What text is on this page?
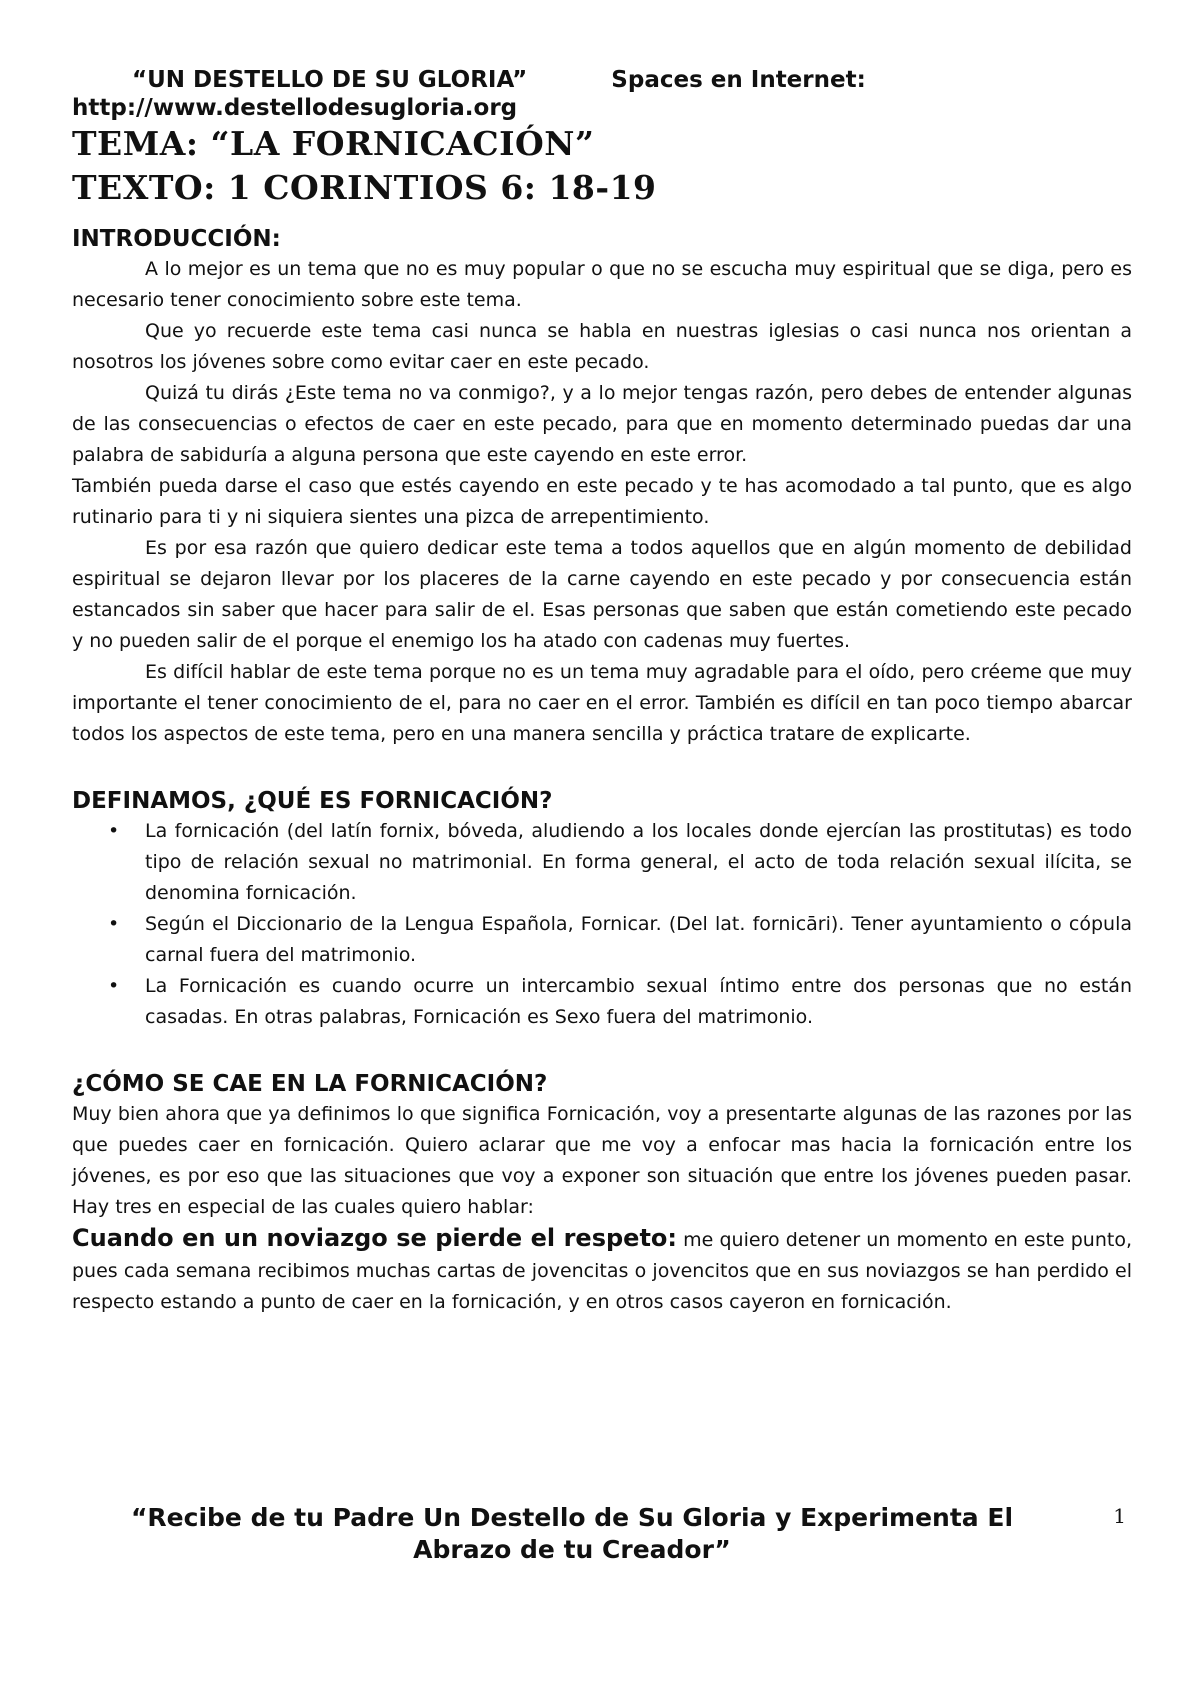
“UN DESTELLO DE SU GLORIA”	Spaces en Internet:
http://www.destellodesugloria.org
TEMA: “LA FORNICACIÓN”
TEXTO: 1 CORINTIOS 6: 18-19
INTRODUCCIÓN:

A lo mejor es un tema que no es muy popular o que no se escucha muy espiritual que se diga, pero es necesario tener conocimiento sobre este tema.

Que yo recuerde este tema casi nunca se habla en nuestras iglesias o casi nunca nos orientan a nosotros los jóvenes sobre como evitar caer en este pecado.

Quizá tu dirás ¿Este tema no va conmigo?, y a lo mejor tengas razón, pero debes de entender algunas de las consecuencias o efectos de caer en este pecado, para que en momento determinado puedas dar una palabra de sabiduría a alguna persona que este cayendo en este error.

También pueda darse el caso que estés cayendo en este pecado y te has acomodado a tal punto, que es algo rutinario para ti y ni siquiera sientes una pizca de arrepentimiento.

Es por esa razón que quiero dedicar este tema a todos aquellos que en algún momento de debilidad espiritual se dejaron llevar por los placeres de la carne cayendo en este pecado y por consecuencia están estancados sin saber que hacer para salir de el. Esas personas que saben que están cometiendo este pecado y no pueden salir de el porque el enemigo los ha atado con cadenas muy fuertes.

Es difícil hablar de este tema porque no es un tema muy agradable para el oído, pero créeme que muy importante el tener conocimiento de el, para no caer en el error. También es difícil en tan poco tiempo abarcar todos los aspectos de este tema, pero en una manera sencilla y práctica tratare de explicarte.

DEFINAMOS, ¿QUÉ ES FORNICACIÓN?
• La fornicación (del latín fornix, bóveda, aludiendo a los locales donde ejercían las prostitutas) es todo tipo de relación sexual no matrimonial. En forma general, el acto de toda relación sexual ilícita, se denomina fornicación.
• Según el Diccionario de la Lengua Española, Fornicar. (Del lat. fornicāri). Tener ayuntamiento o cópula carnal fuera del matrimonio.
• La Fornicación es cuando ocurre un intercambio sexual íntimo entre dos personas que no están casadas. En otras palabras, Fornicación es Sexo fuera del matrimonio.
¿CÓMO SE CAE EN LA FORNICACIÓN?

Muy bien ahora que ya definimos lo que significa Fornicación, voy a presentarte algunas de las razones por las que puedes caer en fornicación. Quiero aclarar que me voy a enfocar mas hacia la fornicación entre los jóvenes, es por eso que las situaciones que voy a exponer son situación que entre los jóvenes pueden pasar. Hay tres en especial de las cuales quiero hablar:

Cuando en un noviazgo se pierde el respeto: me quiero detener un momento en este punto, pues cada semana recibimos muchas cartas de jovencitas o jovencitos que en sus noviazgos se han perdido el respecto estando a punto de caer en la fornicación, y en otros casos cayeron en fornicación.

“Recibe de tu Padre Un Destello de Su Gloria y Experimenta El
Abrazo de tu Creador”
1
